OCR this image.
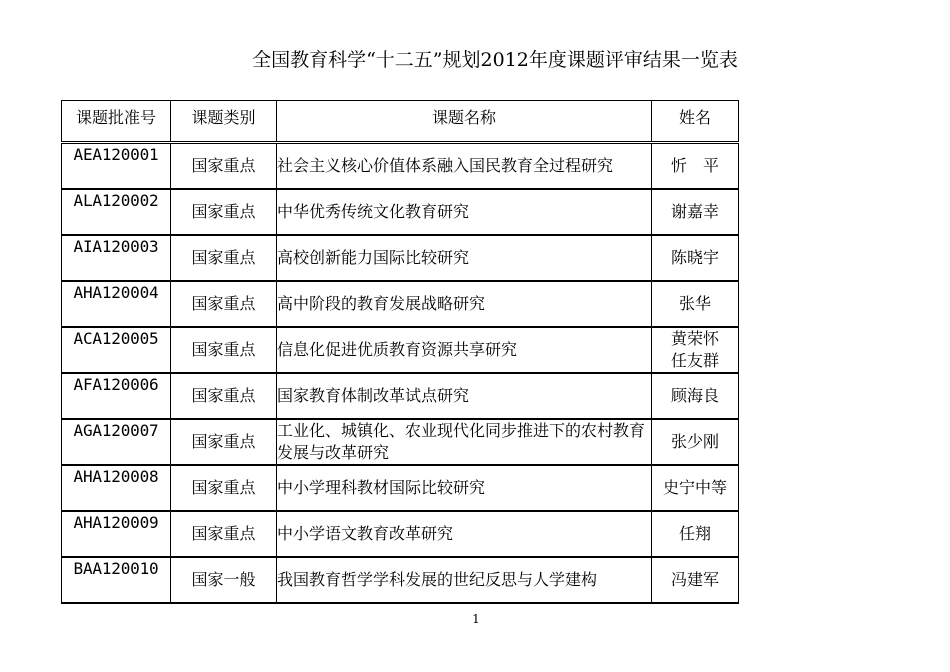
全国教育科学“十二五”规划2012年度课题评审结果一览表
课题批准号	课题类别	课题名称	姓名
AEA120001	国家重点	社会主义核心价值体系融入国民教育全过程研究	忻　平

ALA120002	国家重点	中华优秀传统文化教育研究	谢嘉幸

AIA120003	国家重点	高校创新能力国际比较研究	陈晓宇

AHA120004	国家重点	高中阶段的教育发展战略研究	张华

ACA120005	国家重点	信息化促进优质教育资源共享研究	黄荣怀
任友群

AFA120006	国家重点	国家教育体制改革试点研究	顾海良

AGA120007	国家重点	工业化、城镇化、农业现代化同步推进下的农村教育发展与改革研究	张少刚

AHA120008	国家重点	中小学理科教材国际比较研究	史宁中等

AHA120009	国家重点	中小学语文教育改革研究	任翔

BAA120010	国家一般	我国教育哲学学科发展的世纪反思与人学建构	冯建军
1
